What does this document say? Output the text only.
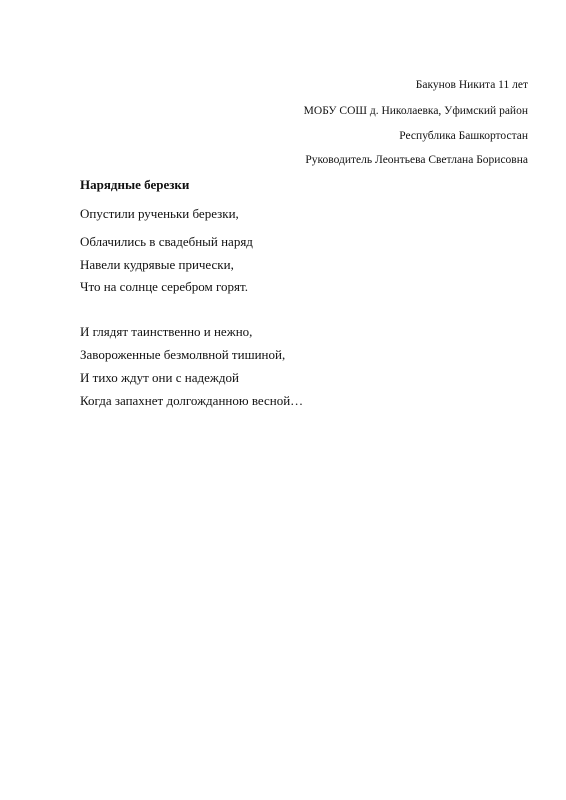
Бакунов Никита 11 лет
МОБУ СОШ д. Николаевка, Уфимский район
Республика Башкортостан
Руководитель Леонтьева Светлана Борисовна
Нарядные березки
Опустили рученьки березки,
Облачились в свадебный наряд
Навели кудрявые прически,
Что на солнце серебром горят.
И глядят таинственно и нежно,
Завороженные безмолвной тишиной,
И тихо ждут они с надеждой
Когда запахнет долгожданною весной…
